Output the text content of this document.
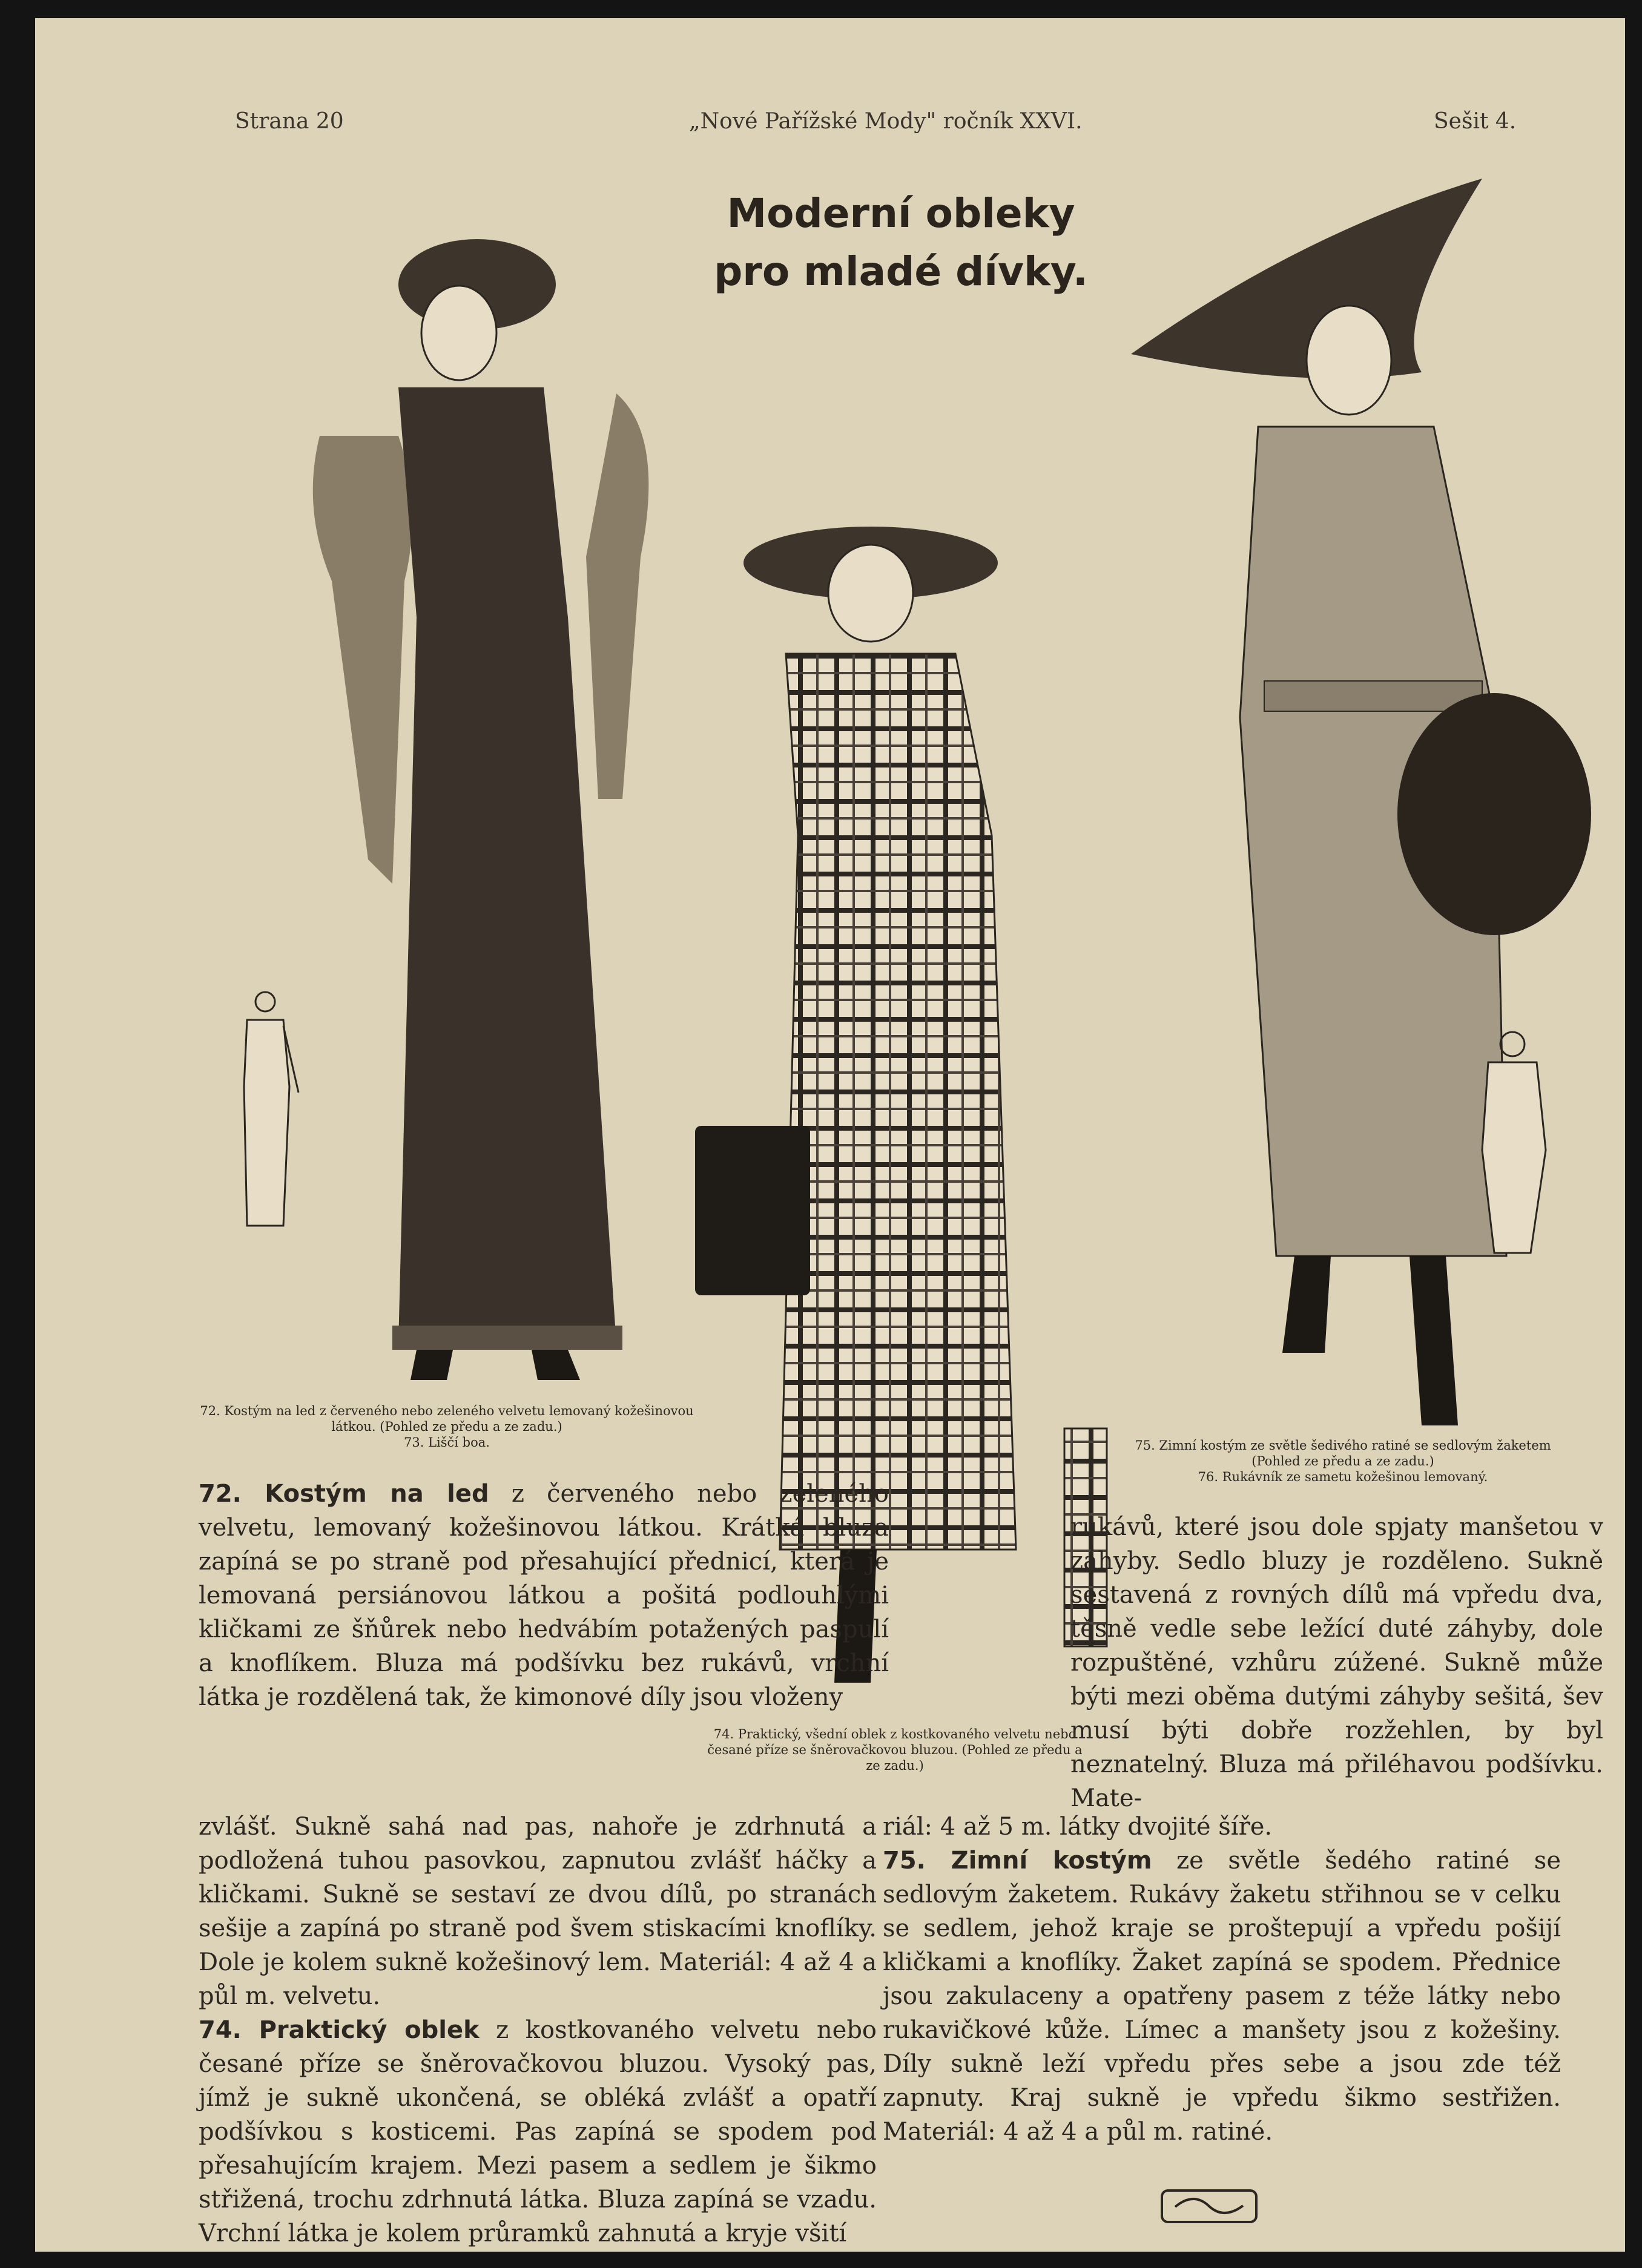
Strana 20	„Nové Pařížské Mody" ročník XXVI.	Sešit 4.
Moderní obleky
pro mladé dívky.
72. Kostým na led z červeného nebo zeleného velvetu lemovaný kožešinovou látkou. (Pohled ze předu a ze zadu.)
73. Liščí boa.	75. Zimní kostým ze světle šedivého ratiné se sedlovým žaketem (Pohled ze předu a ze zadu.)
76. Rukávník ze sametu kožešinou lemovaný.
74. Praktický, všední oblek z kostkovaného velvetu nebo česané příze se šněrovačkovou bluzou. (Pohled ze předu a ze zadu.)

72. Kostým na led z červeného nebo zeleného velvetu, lemovaný kožešinovou látkou. Krátká bluza zapíná se po straně pod přesahující přednicí, která je lemovaná persiánovou látkou a pošitá podlouhlými kličkami ze šňůrek nebo hedvábím potažených paspulí a knoflíkem. Bluza má podšívku bez rukávů, vrchní látka je rozdělená tak, že kimonové díly jsou vloženy

rukávů, které jsou dole spjaty manšetou v záhyby. Sedlo bluzy je rozděleno. Sukně sestavená z rovných dílů má vpředu dva, těsně vedle sebe ležící duté záhyby, dole rozpuštěné, vzhůru zúžené. Sukně může býti mezi oběma dutými záhyby sešitá, šev musí býti dobře rozžehlen, by byl neznatelný. Bluza má přiléhavou podšívku. Mate-

zvlášť. Sukně sahá nad pas, nahoře je zdrhnutá a podložená tuhou pasovkou, zapnutou zvlášť háčky a kličkami. Sukně se sestaví ze dvou dílů, po stranách sešije a zapíná po straně pod švem stiskacími knoflíky. Dole je kolem sukně kožešinový lem. Materiál: 4 až 4 a půl m. velvetu.

74. Praktický oblek z kostkovaného velvetu nebo česané příze se šněrovačkovou bluzou. Vysoký pas, jímž je sukně ukončená, se obléká zvlášť a opatří podšívkou s kosticemi. Pas zapíná se spodem pod přesahujícím krajem. Mezi pasem a sedlem je šikmo střižená, trochu zdrhnutá látka. Bluza zapíná se vzadu. Vrchní látka je kolem průramků zahnutá a kryje všití

riál: 4 až 5 m. látky dvojité šíře.

75. Zimní kostým ze světle šedého ratiné se sedlovým žaketem. Rukávy žaketu střihnou se v celku se sedlem, jehož kraje se proštepují a vpředu pošijí kličkami a knoflíky. Žaket zapíná se spodem. Přednice jsou zakulaceny a opatřeny pasem z téže látky nebo rukavičkové kůže. Límec a manšety jsou z kožešiny. Díly sukně leží vpředu přes sebe a jsou zde též zapnuty. Kraj sukně je vpředu šikmo sestřižen. Materiál: 4 až 4 a půl m. ratiné.
